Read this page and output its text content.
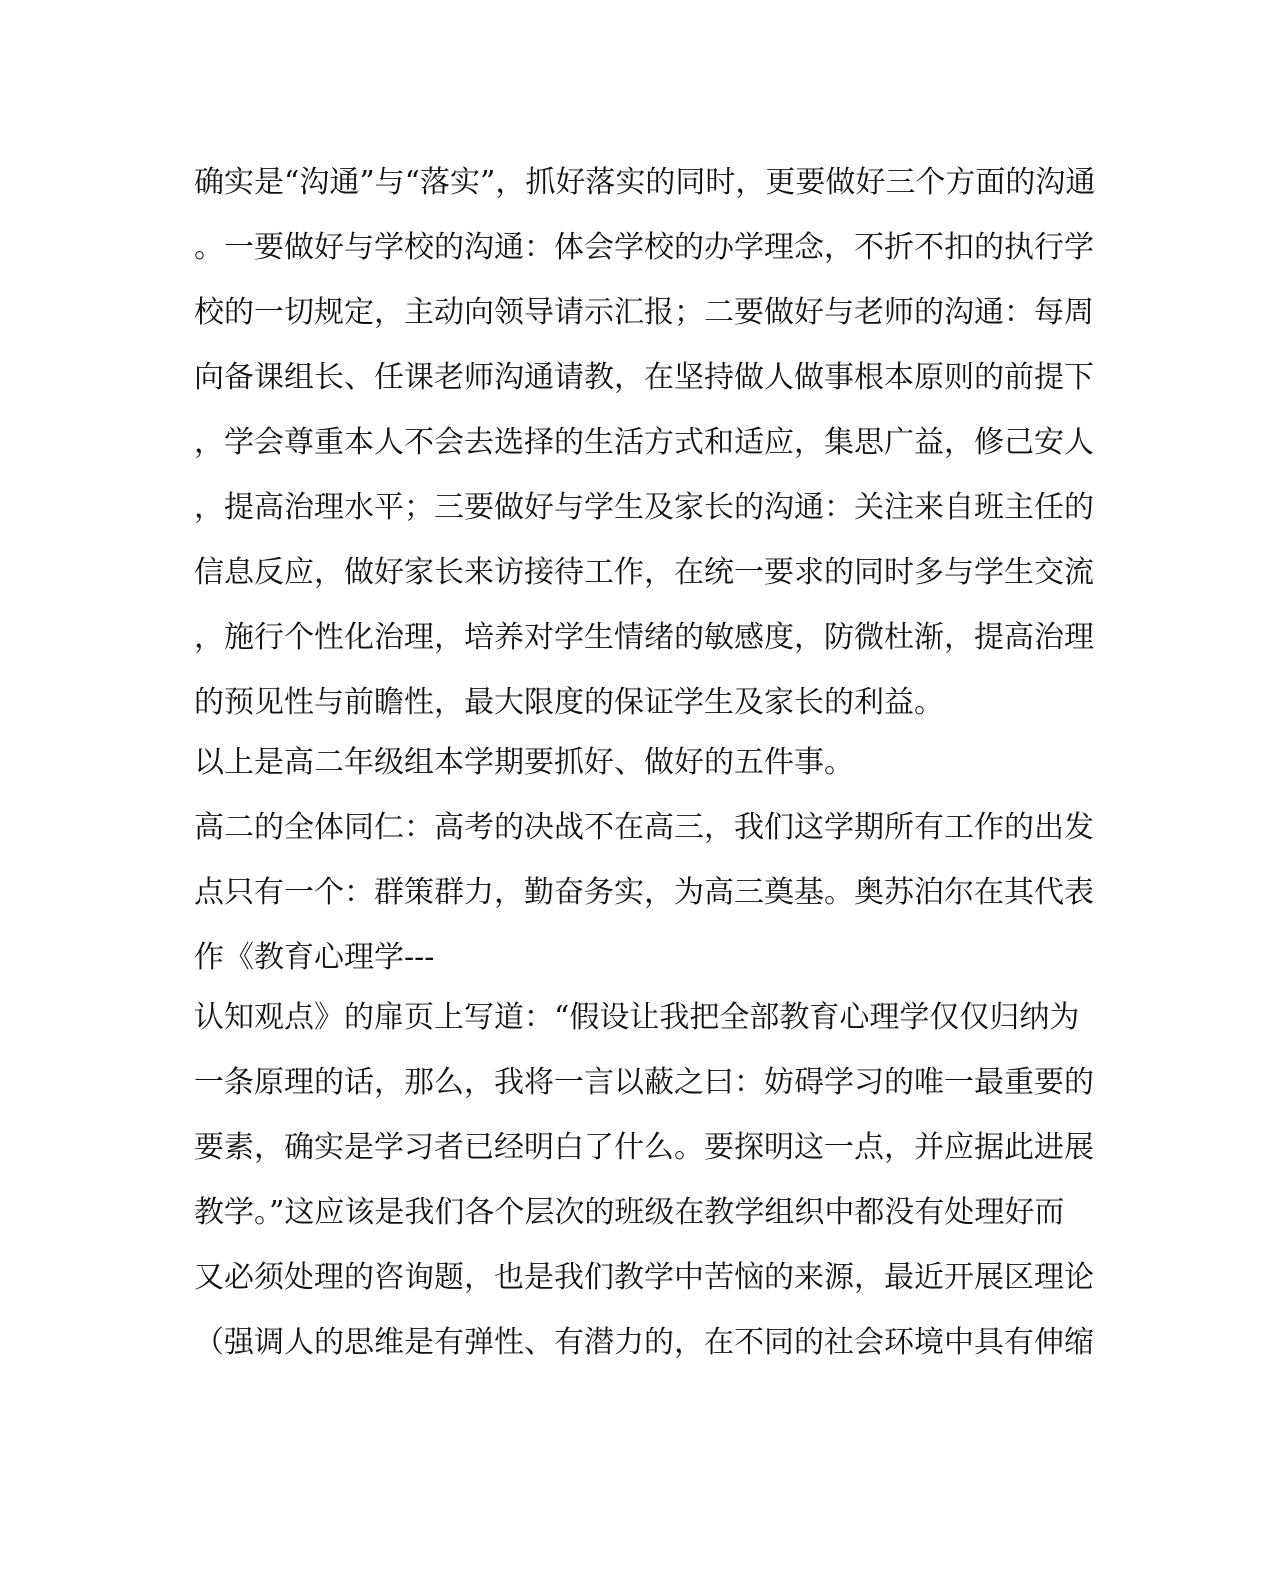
确实是“沟通”与“落实”，抓好落实的同时，更要做好三个方面的沟通
。一要做好与学校的沟通：体会学校的办学理念，不折不扣的执行学
校的一切规定，主动向领导请示汇报；二要做好与老师的沟通：每周
向备课组长、任课老师沟通请教，在坚持做人做事根本原则的前提下
，学会尊重本人不会去选择的生活方式和适应，集思广益，修己安人
，提高治理水平；三要做好与学生及家长的沟通：关注来自班主任的
信息反应，做好家长来访接待工作，在统一要求的同时多与学生交流
，施行个性化治理，培养对学生情绪的敏感度，防微杜渐，提高治理
的预见性与前瞻性，最大限度的保证学生及家长的利益。
以上是高二年级组本学期要抓好、做好的五件事。
高二的全体同仁：高考的决战不在高三，我们这学期所有工作的出发
点只有一个：群策群力，勤奋务实，为高三奠基。奥苏泊尔在其代表
作《教育心理学---
认知观点》的扉页上写道：“假设让我把全部教育心理学仅仅归纳为
一条原理的话，那么，我将一言以蔽之曰：妨碍学习的唯一最重要的
要素，确实是学习者已经明白了什么。要探明这一点，并应据此进展
教学。”这应该是我们各个层次的班级在教学组织中都没有处理好而
又必须处理的咨询题，也是我们教学中苦恼的来源，最近开展区理论
（强调人的思维是有弹性、有潜力的，在不同的社会环境中具有伸缩
